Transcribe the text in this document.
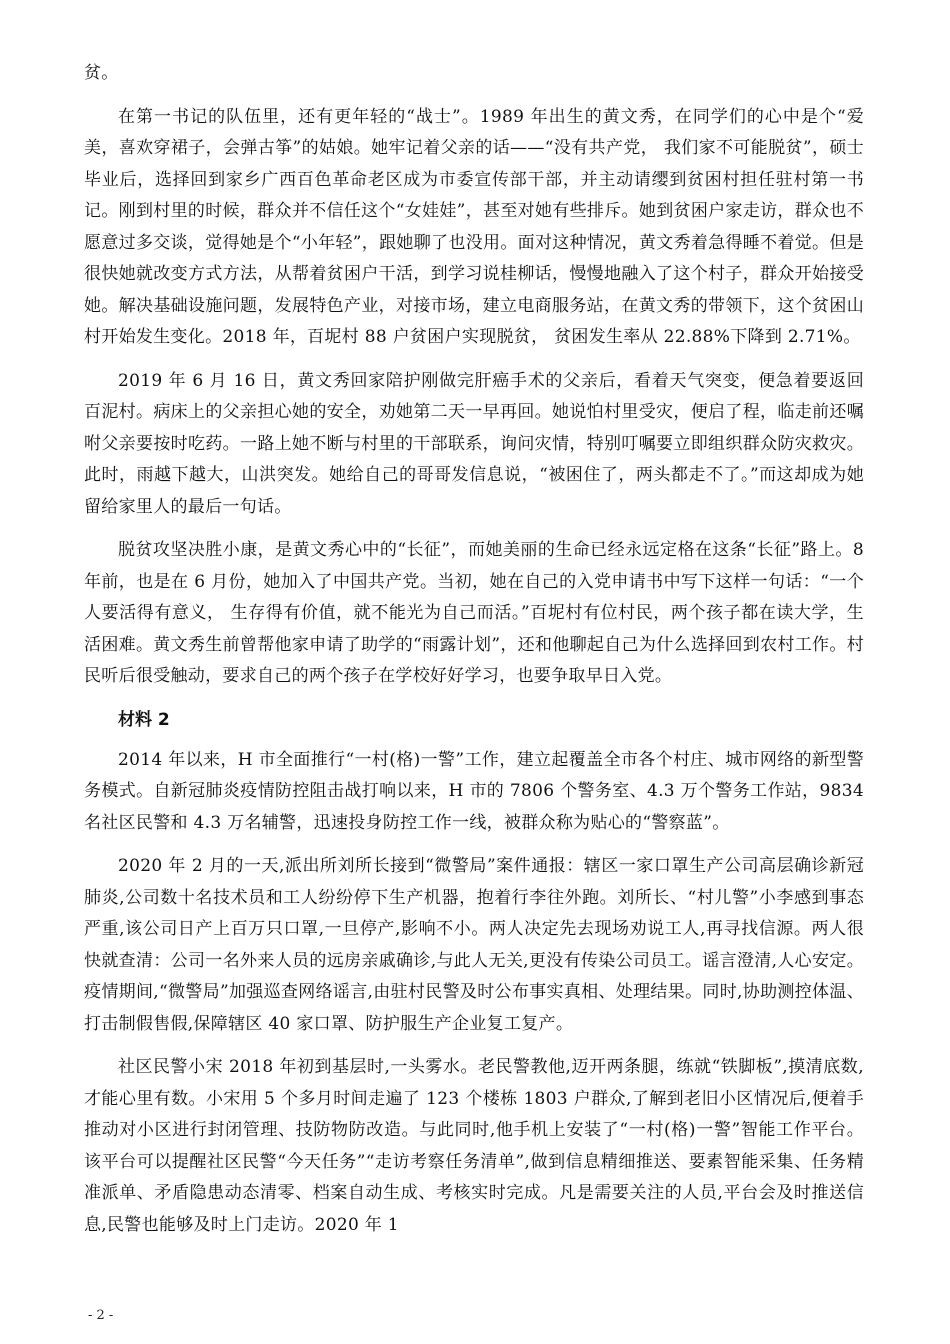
贫。

在第一书记的队伍里，还有更年轻的“战士”。1989 年出生的黄文秀，在同学们的心中是个“爱美，喜欢穿裙子，会弹古筝”的姑娘。她牢记着父亲的话——“没有共产党， 我们家不可能脱贫”，硕士毕业后，选择回到家乡广西百色革命老区成为市委宣传部干部，并主动请缨到贫困村担任驻村第一书记。刚到村里的时候，群众并不信任这个“女娃娃”，甚至对她有些排斥。她到贫困户家走访，群众也不愿意过多交谈，觉得她是个“小年轻”，跟她聊了也没用。面对这种情况，黄文秀着急得睡不着觉。但是很快她就改变方式方法，从帮着贫困户干活，到学习说桂柳话，慢慢地融入了这个村子，群众开始接受她。解决基础设施问题，发展特色产业，对接市场，建立电商服务站，在黄文秀的带领下，这个贫困山村开始发生变化。2018 年，百坭村 88 户贫困户实现脱贫， 贫困发生率从 22.88%下降到 2.71%。

2019 年 6 月 16 日，黄文秀回家陪护刚做完肝癌手术的父亲后，看着天气突变，便急着要返回百泥村。病床上的父亲担心她的安全，劝她第二天一早再回。她说怕村里受灾，便启了程，临走前还嘱咐父亲要按时吃药。一路上她不断与村里的干部联系，询问灾情，特别叮嘱要立即组织群众防灾救灾。此时，雨越下越大，山洪突发。她给自己的哥哥发信息说，“被困住了，两头都走不了。”而这却成为她留给家里人的最后一句话。

脱贫攻坚决胜小康，是黄文秀心中的“长征”，而她美丽的生命已经永远定格在这条“长征”路上。8 年前，也是在 6 月份，她加入了中国共产党。当初，她在自己的入党申请书中写下这样一句话：“一个人要活得有意义， 生存得有价值，就不能光为自己而活。”百坭村有位村民，两个孩子都在读大学，生活困难。黄文秀生前曾帮他家申请了助学的“雨露计划”，还和他聊起自己为什么选择回到农村工作。村民听后很受触动，要求自己的两个孩子在学校好好学习，也要争取早日入党。

材料 2

2014 年以来，H 市全面推行“一村(格)一警”工作，建立起覆盖全市各个村庄、城市网络的新型警务模式。自新冠肺炎疫情防控阻击战打响以来，H 市的 7806 个警务室、4.3 万个警务工作站，9834 名社区民警和 4.3 万名辅警，迅速投身防控工作一线，被群众称为贴心的“警察蓝”。

2020 年 2 月的一天,派出所刘所长接到“微警局”案件通报：辖区一家口罩生产公司高层确诊新冠肺炎,公司数十名技术员和工人纷纷停下生产机器，抱着行李往外跑。刘所长、“村儿警”小李感到事态严重,该公司日产上百万只口罩,一旦停产,影响不小。两人决定先去现场劝说工人,再寻找信源。两人很快就查清：公司一名外来人员的远房亲戚确诊,与此人无关,更没有传染公司员工。谣言澄清,人心安定。疫情期间,“微警局”加强巡查网络谣言,由驻村民警及时公布事实真相、处理结果。同时,协助测控体温、打击制假售假,保障辖区 40 家口罩、防护服生产企业复工复产。

社区民警小宋 2018 年初到基层时,一头雾水。老民警教他,迈开两条腿，练就“铁脚板”,摸清底数,才能心里有数。小宋用 5 个多月时间走遍了 123 个楼栋 1803 户群众,了解到老旧小区情况后,便着手推动对小区进行封闭管理、技防物防改造。与此同时,他手机上安装了“一村(格)一警”智能工作平台。该平台可以提醒社区民警“今天任务”“走访考察任务清单”,做到信息精细推送、要素智能采集、任务精准派单、矛盾隐患动态清零、档案自动生成、考核实时完成。凡是需要关注的人员,平台会及时推送信息,民警也能够及时上门走访。2020 年 1

- 2 -
